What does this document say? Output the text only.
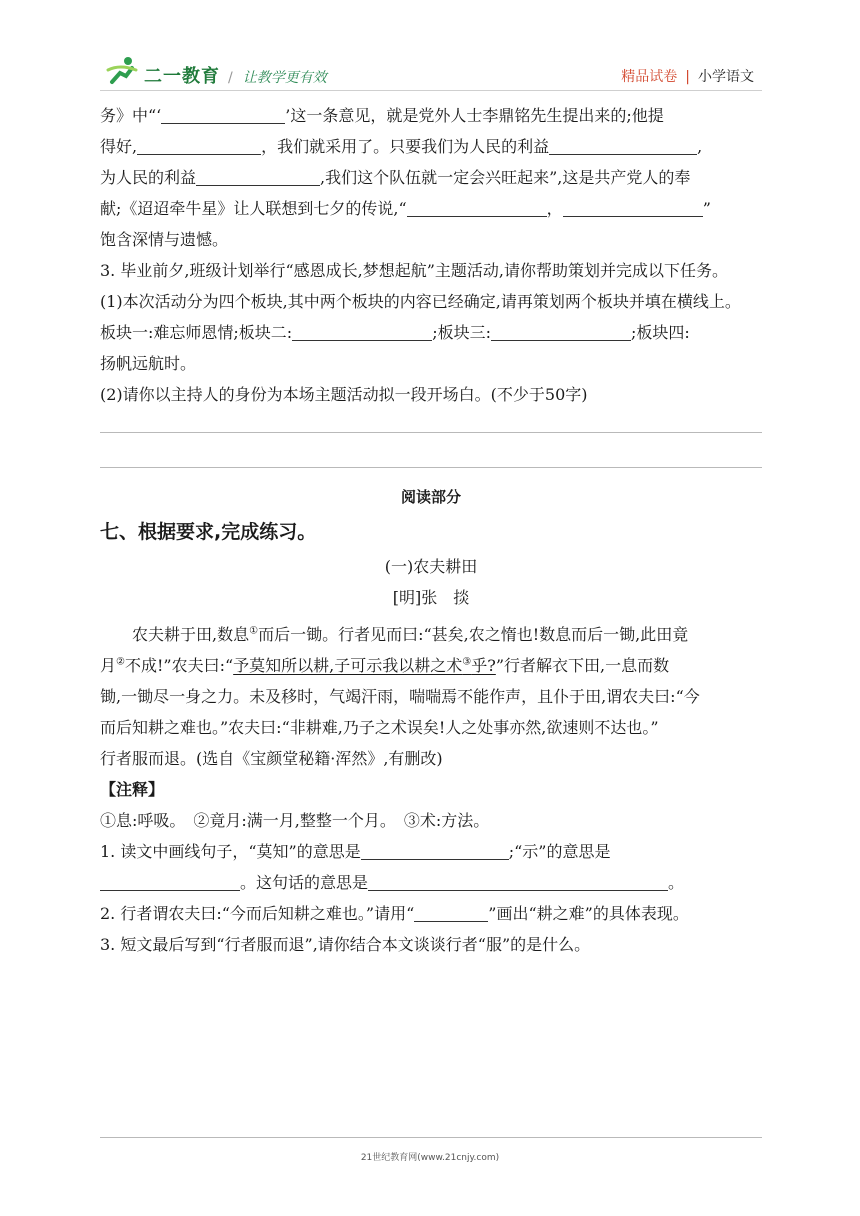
二一教育 / 让教学更有效	精品试卷 | 小学语文

务》中“‘	’这一条意见，就是党外人士李鼎铭先生提出来的;他提

得好,	，我们就采用了。只要我们为人民的利益	,

为人民的利益	,我们这个队伍就一定会兴旺起来”,这是共产党人的奉

献;《迢迢牵牛星》让人联想到七夕的传说,“	，	”

饱含深情与遗憾。

3. 毕业前夕,班级计划举行“感恩成长,梦想起航”主题活动,请你帮助策划并完成以下任务。

(1)本次活动分为四个板块,其中两个板块的内容已经确定,请再策划两个板块并填在横线上。

板块一:难忘师恩情;板块二:	;板块三:	;板块四:

扬帆远航时。

(2)请你以主持人的身份为本场主题活动拟一段开场白。(不少于50字)

阅读部分

七、根据要求,完成练习。

(一)农夫耕田

[明]张　掞

农夫耕于田,数息①而后一锄。行者见而曰:“甚矣,农之惰也!数息而后一锄,此田竟

月②不成!”农夫曰:“予莫知所以耕,子可示我以耕之术③乎?”行者解衣下田,一息而数

锄,一锄尽一身之力。未及移时，气竭汗雨，喘喘焉不能作声，且仆于田,谓农夫曰:“今

而后知耕之难也。”农夫曰:“非耕难,乃子之术误矣!人之处事亦然,欲速则不达也。”

行者服而退。(选自《宝颜堂秘籍·浑然》,有删改)

【注释】

①息:呼吸。　②竟月:满一月,整整一个月。　③术:方法。

1. 读文中画线句子，“莫知”的意思是	;“示”的意思是

。这句话的意思是	。

2. 行者谓农夫曰:“今而后知耕之难也。”请用“	”画出“耕之难”的具体表现。

3. 短文最后写到“行者服而退”,请你结合本文谈谈行者“服”的是什么。

21世纪教育网(www.21cnjy.com)
